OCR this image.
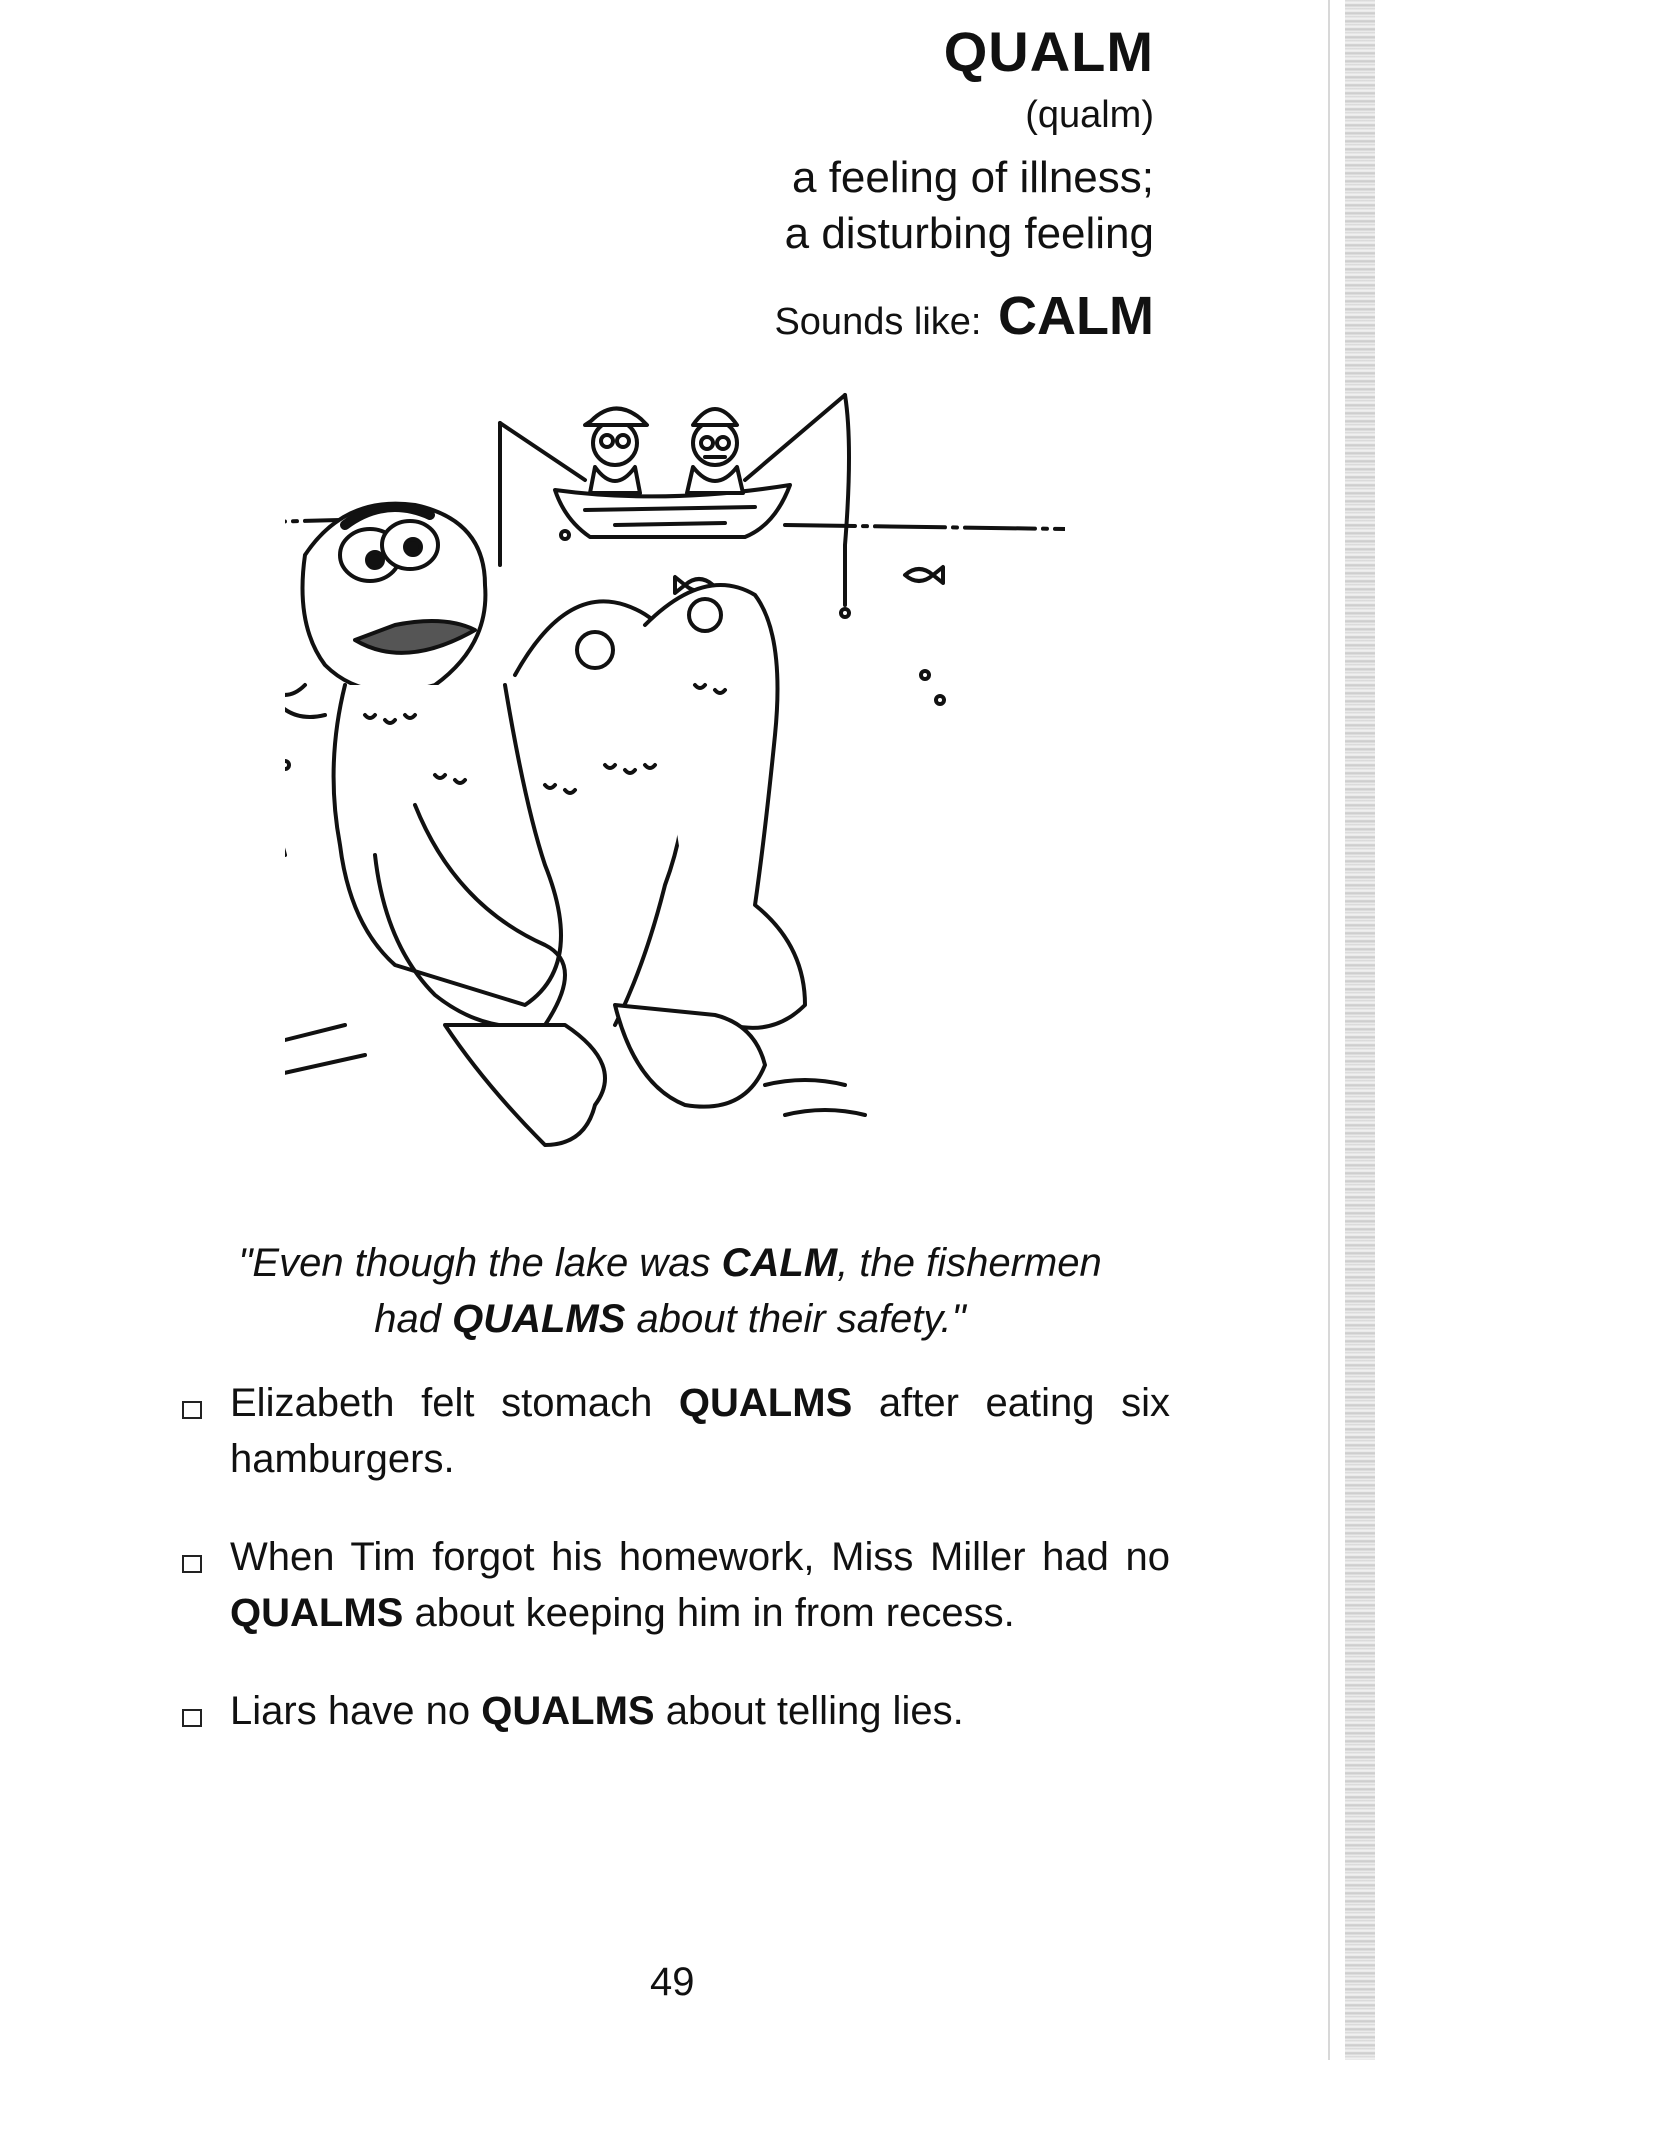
QUALM
(qualm)
a feeling of illness;
a disturbing feeling
Sounds like: CALM
"Even though the lake was CALM, the fishermen
had QUALMS about their safety."
Elizabeth felt stomach QUALMS after eating six hamburgers.
When Tim forgot his homework, Miss Miller had no QUALMS about keeping him in from recess.
Liars have no QUALMS about telling lies.
49
